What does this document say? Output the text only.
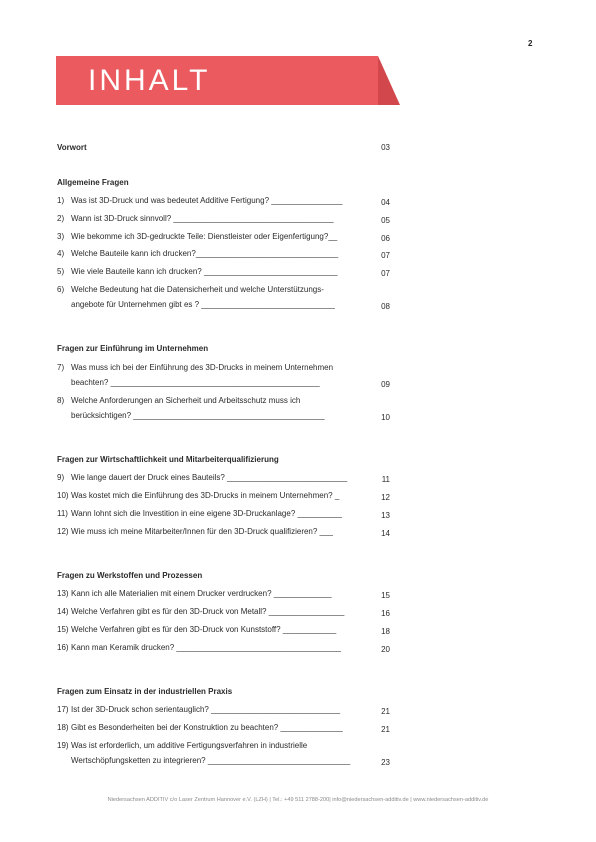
2
INHALT
Vorwort	03
Allgemeine Fragen
1) Was ist 3D-Druck und was bedeutet Additive Fertigung? ________________	04
2) Wann ist 3D-Druck sinnvoll? ____________________________________	05
3) Wie bekomme ich 3D-gedruckte Teile: Dienstleister oder Eigenfertigung?__	06
4) Welche Bauteile kann ich drucken?________________________________	07
5) Wie viele Bauteile kann ich drucken? ______________________________	07
6) Welche Bedeutung hat die Datensicherheit und welche Unterstützungs-
angebote für Unternehmen gibt es ? ______________________________	08
Fragen zur Einführung im Unternehmen
7) Was muss ich bei der Einführung des 3D-Drucks in meinem Unternehmen
beachten? _______________________________________________	09
8) Welche Anforderungen an Sicherheit und Arbeitsschutz muss ich
berücksichtigen? ___________________________________________	10
Fragen zur Wirtschaftlichkeit und Mitarbeiterqualifizierung
9) Wie lange dauert der Druck eines Bauteils? ___________________________	11
10) Was kostet mich die Einführung des 3D-Drucks in meinem Unternehmen? _	12
11) Wann lohnt sich die Investition in eine eigene 3D-Druckanlage? __________	13
12) Wie muss ich meine Mitarbeiter/Innen für den 3D-Druck qualifizieren? ___	14
Fragen zu Werkstoffen und Prozessen
13) Kann ich alle Materialien mit einem Drucker verdrucken? _____________	15
14) Welche Verfahren gibt es für den 3D-Druck von Metall? _________________	16
15) Welche Verfahren gibt es für den 3D-Druck von Kunststoff? ____________	18
16) Kann man Keramik drucken? _____________________________________	20
Fragen zum Einsatz in der industriellen Praxis
17) Ist der 3D-Druck schon serientauglich? _____________________________	21
18) Gibt es Besonderheiten bei der Konstruktion zu beachten? ______________	21
19) Was ist erforderlich, um additive Fertigungsverfahren in industrielle
Wertschöpfungsketten zu integrieren? ________________________________	23
Niedersachsen ADDITIV c/o Laser Zentrum Hannover e.V. (LZH) | Tel.: +49 511 2788-200| info@niedersachsen-additiv.de | www.niedersachsen-additiv.de
